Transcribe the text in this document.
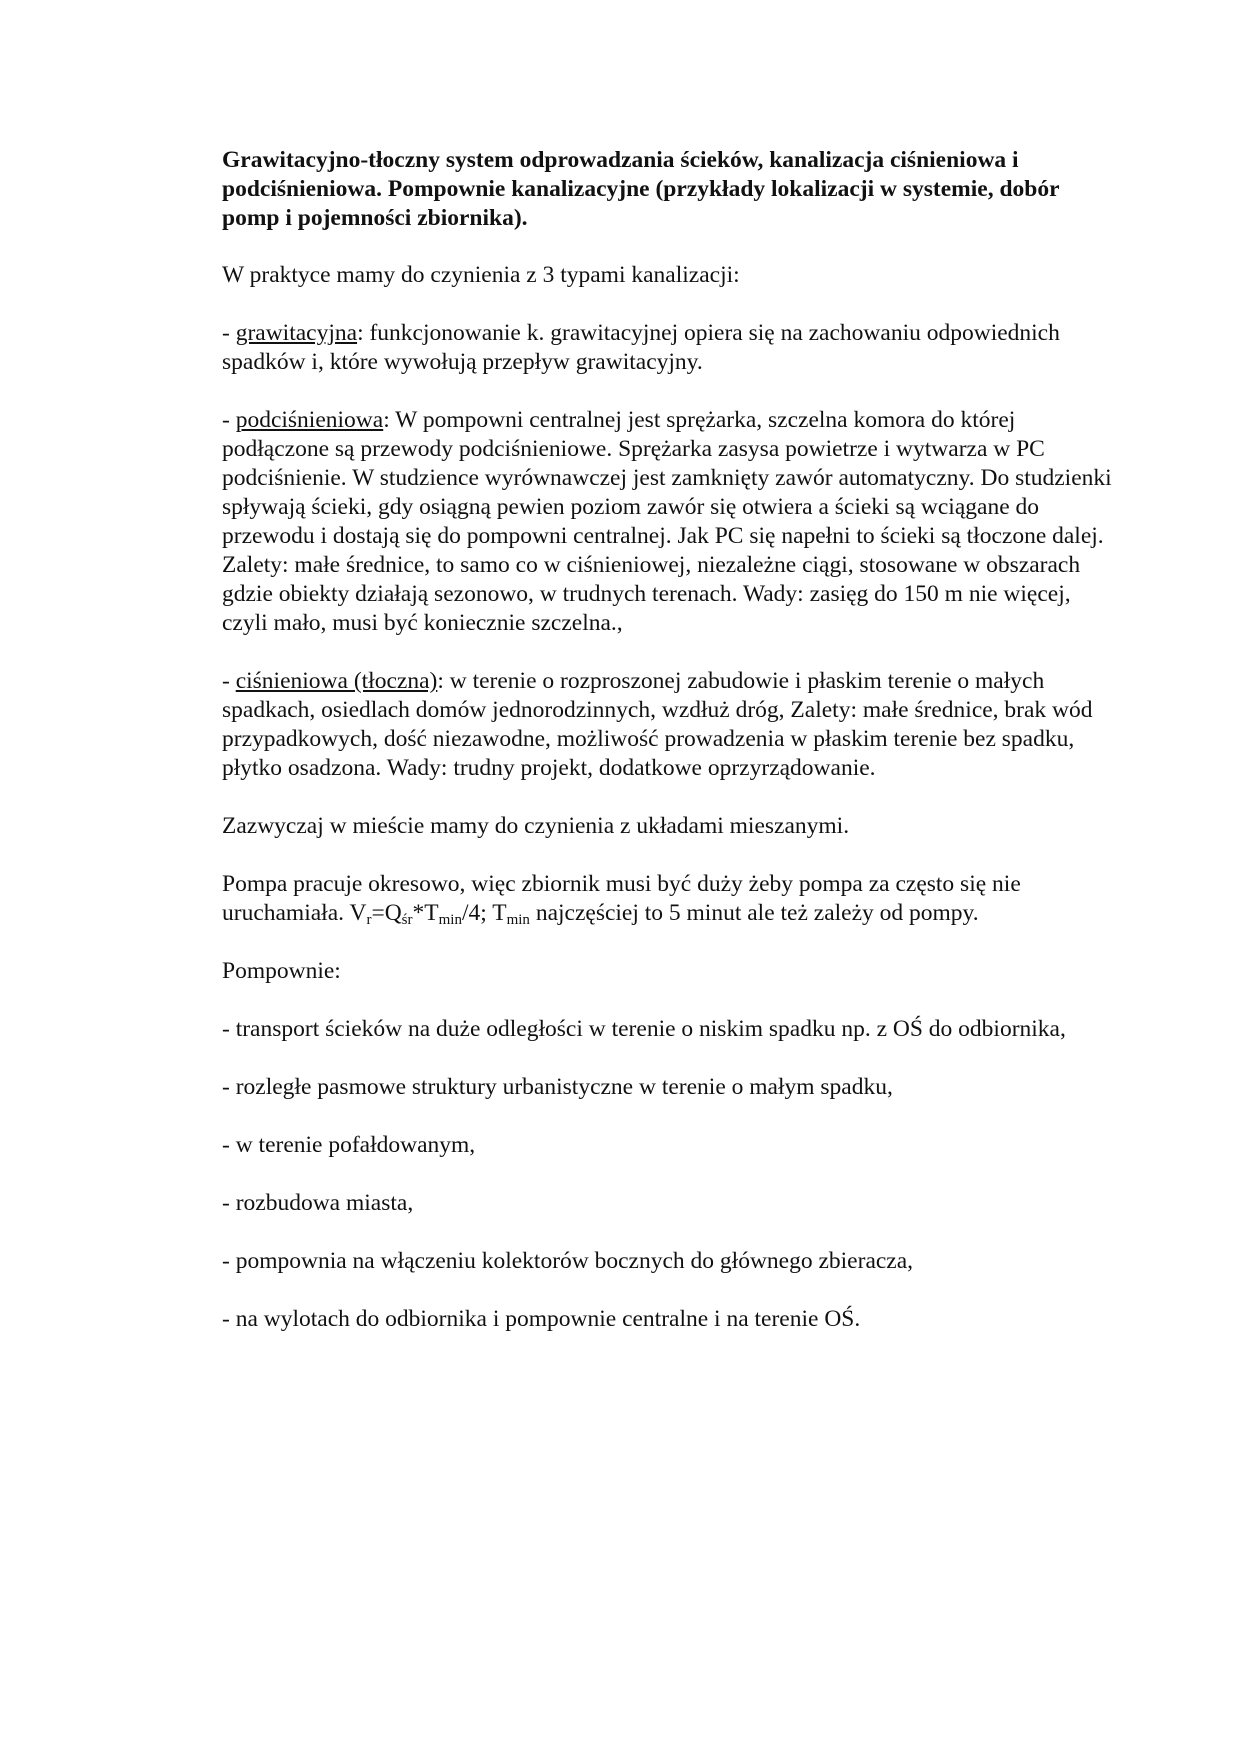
Grawitacyjno-tłoczny system odprowadzania ścieków, kanalizacja ciśnieniowa i podciśnieniowa. Pompownie kanalizacyjne (przykłady lokalizacji w systemie, dobór pomp i pojemności zbiornika).

W praktyce mamy do czynienia z 3 typami kanalizacji:

- grawitacyjna: funkcjonowanie k. grawitacyjnej opiera się na zachowaniu odpowiednich spadków i, które wywołują przepływ grawitacyjny.

- podciśnieniowa: W pompowni centralnej jest sprężarka, szczelna komora do której podłączone są przewody podciśnieniowe. Sprężarka zasysa powietrze i wytwarza w PC podciśnienie. W studzience wyrównawczej jest zamknięty zawór automatyczny. Do studzienki spływają ścieki, gdy osiągną pewien poziom zawór się otwiera a ścieki są wciągane do przewodu i dostają się do pompowni centralnej. Jak PC się napełni to ścieki są tłoczone dalej. Zalety: małe średnice, to samo co w ciśnieniowej, niezależne ciągi, stosowane w obszarach gdzie obiekty działają sezonowo, w trudnych terenach. Wady: zasięg do 150 m nie więcej, czyli mało, musi być koniecznie szczelna.,

- ciśnieniowa (tłoczna): w terenie o rozproszonej zabudowie i płaskim terenie o małych spadkach, osiedlach domów jednorodzinnych, wzdłuż dróg, Zalety: małe średnice, brak wód przypadkowych, dość niezawodne, możliwość prowadzenia w płaskim terenie bez spadku, płytko osadzona. Wady: trudny projekt, dodatkowe oprzyrządowanie.

Zazwyczaj w mieście mamy do czynienia z układami mieszanymi.

Pompa pracuje okresowo, więc zbiornik musi być duży żeby pompa za często się nie uruchamiała. $V_r=Q_{śr}*T_{min}/4$; $T_{min}$ najczęściej to 5 minut ale też zależy od pompy.

Pompownie:

- transport ścieków na duże odległości w terenie o niskim spadku np. z OŚ do odbiornika,
- rozległe pasmowe struktury urbanistyczne w terenie o małym spadku,
- w terenie pofałdowanym,
- rozbudowa miasta,
- pompownia na włączeniu kolektorów bocznych do głównego zbieracza,
- na wylotach do odbiornika i pompownie centralne i na terenie OŚ.
